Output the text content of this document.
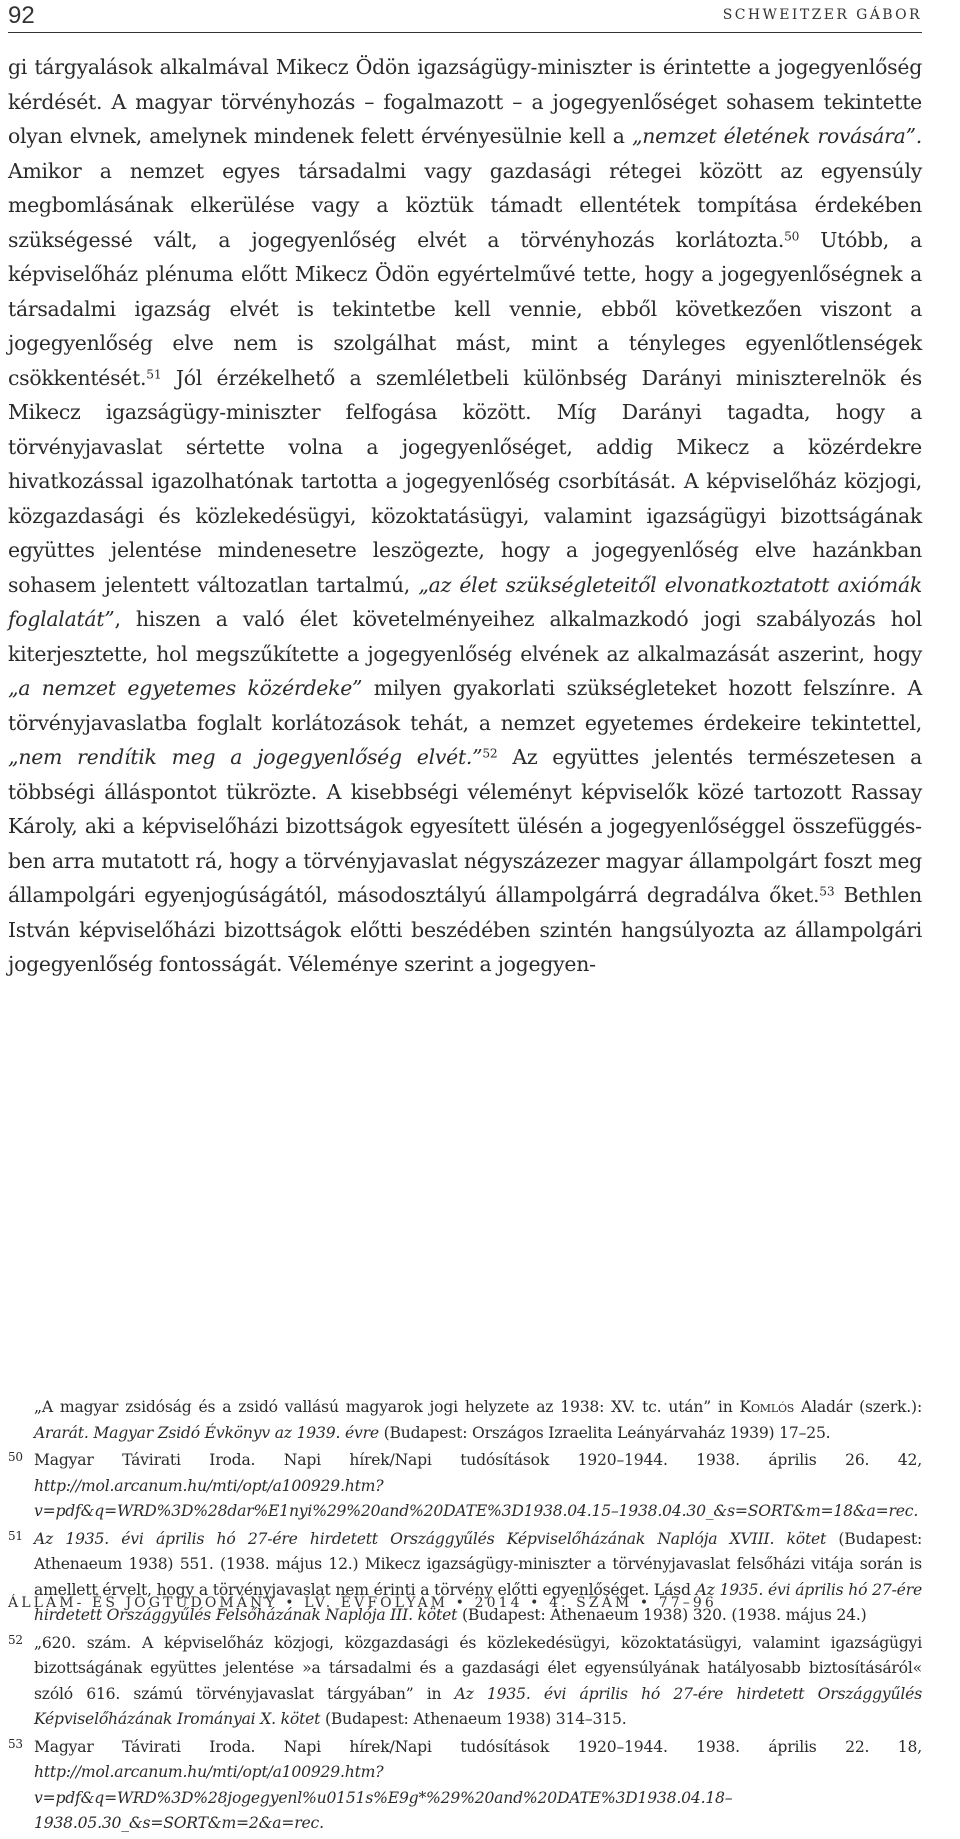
92	SCHWEITZER GÁBOR

gi tárgyalások alkalmával Mikecz Ödön igazságügy-miniszter is érintette a jogegyenlőség kérdését. A magyar törvényhozás – fogalmazott – a jogegyenlőséget sohasem tekintette olyan elvnek, amelynek mindenek felett érvényesülnie kell a „nemzet életének rovására”. Amikor a nemzet egyes társadalmi vagy gazdasági rétegei között az egyensúly megbomlásának elkerülése vagy a köztük támadt ellentétek tompítása érdekében szükségessé vált, a jogegyenlőség elvét a törvényhozás korlátozta.$^{50}$ Utóbb, a képviselőház plénuma előtt Mikecz Ödön egyértelművé tette, hogy a jogegyenlőségnek a társadalmi igazság elvét is tekintetbe kell vennie, ebből következően viszont a jogegyenlőség elve nem is szolgálhat mást, mint a tényleges egyenlőtlenségek csökkentését.$^{51}$ Jól érzékelhető a szemléletbeli különbség Darányi miniszterelnök és Mikecz igazságügy-miniszter felfogása között. Míg Darányi tagadta, hogy a törvényjavaslat sértette volna a jogegyenlőséget, addig Mikecz a közérdekre hivatkozással igazolhatónak tartotta a jogegyenlőség csorbítását. A képviselőház közjogi, közgazdasági és közlekedésügyi, közoktatásügyi, valamint igazságügyi bizottságának együttes jelentése mindenesetre leszögezte, hogy a jogegyenlőség elve hazánkban sohasem jelentett változatlan tartalmú, „az élet szükségleteitől elvonatkoztatott axiómák foglalatát”, hiszen a való élet követelményeihez alkalmazkodó jogi szabályozás hol kiterjesztette, hol megszűkítette a jogegyenlőség elvének az alkalmazását aszerint, hogy „a nemzet egyetemes közérdeke” milyen gyakorlati szükségleteket hozott felszínre. A törvényjavaslatba foglalt korlátozások tehát, a nemzet egyetemes érdekeire tekintettel, „nem rendítik meg a jogegyenlőség elvét.”$^{52}$ Az együttes jelentés természetesen a többségi álláspontot tükrözte. A kisebbségi véleményt képviselők közé tartozott Rassay Károly, aki a képviselőházi bizottságok egyesített ülésén a jogegyenlőséggel összefüggésben arra mutatott rá, hogy a törvényjavaslat négyszázezer magyar állampolgárt foszt meg állampolgári egyenjogúságától, másodosztályú állampolgárrá degradálva őket.$^{53}$ Bethlen István képviselőházi bizottságok előtti beszédében szintén hangsúlyozta az állampolgári jogegyenlőség fontosságát. Véleménye szerint a jogegyen-

„A magyar zsidóság és a zsidó vallású magyarok jogi helyzete az 1938: XV. tc. után” in Komlós Aladár (szerk.): Ararát. Magyar Zsidó Évkönyv az 1939. évre (Budapest: Országos Izraelita Leányárvaház 1939) 17–25.
50 Magyar Távirati Iroda. Napi hírek/Napi tudósítások 1920–1944. 1938. április 26. 42, http://mol.arcanum.hu/mti/opt/a100929.htm?v=pdf&q=WRD%3D%28dar%E1nyi%29%20and%20DATE%3D1938.04.15–1938.04.30_&s=SORT&m=18&a=rec.
51 Az 1935. évi április hó 27-ére hirdetett Országgyűlés Képviselőházának Naplója XVIII. kötet (Budapest: Athenaeum 1938) 551. (1938. május 12.) Mikecz igazságügy-miniszter a törvényjavaslat felsőházi vitája során is amellett érvelt, hogy a törvényjavaslat nem érinti a törvény előtti egyenlőséget. Lásd Az 1935. évi április hó 27-ére hirdetett Országgyűlés Felsőházának Naplója III. kötet (Budapest: Athenaeum 1938) 320. (1938. május 24.)
52 „620. szám. A képviselőház közjogi, közgazdasági és közlekedésügyi, közoktatásügyi, valamint igazságügyi bizottságának együttes jelentése »a társadalmi és a gazdasági élet egyensúlyának hatályosabb biztosításáról« szóló 616. számú törvényjavaslat tárgyában” in Az 1935. évi április hó 27-ére hirdetett Országgyűlés Képviselőházának Irományai X. kötet (Budapest: Athenaeum 1938) 314–315.
53 Magyar Távirati Iroda. Napi hírek/Napi tudósítások 1920–1944. 1938. április 22. 18, http://mol.arcanum.hu/mti/opt/a100929.htm?v=pdf&q=WRD%3D%28jogegyenl%u0151s%E9g*%29%20and%20DATE%3D1938.04.18–1938.05.30_&s=SORT&m=2&a=rec.
ÁLLAM- ÉS JOGTUDOMÁNY • LV. ÉVFOLYAM • 2014 • 4. SZÁM • 77–96
